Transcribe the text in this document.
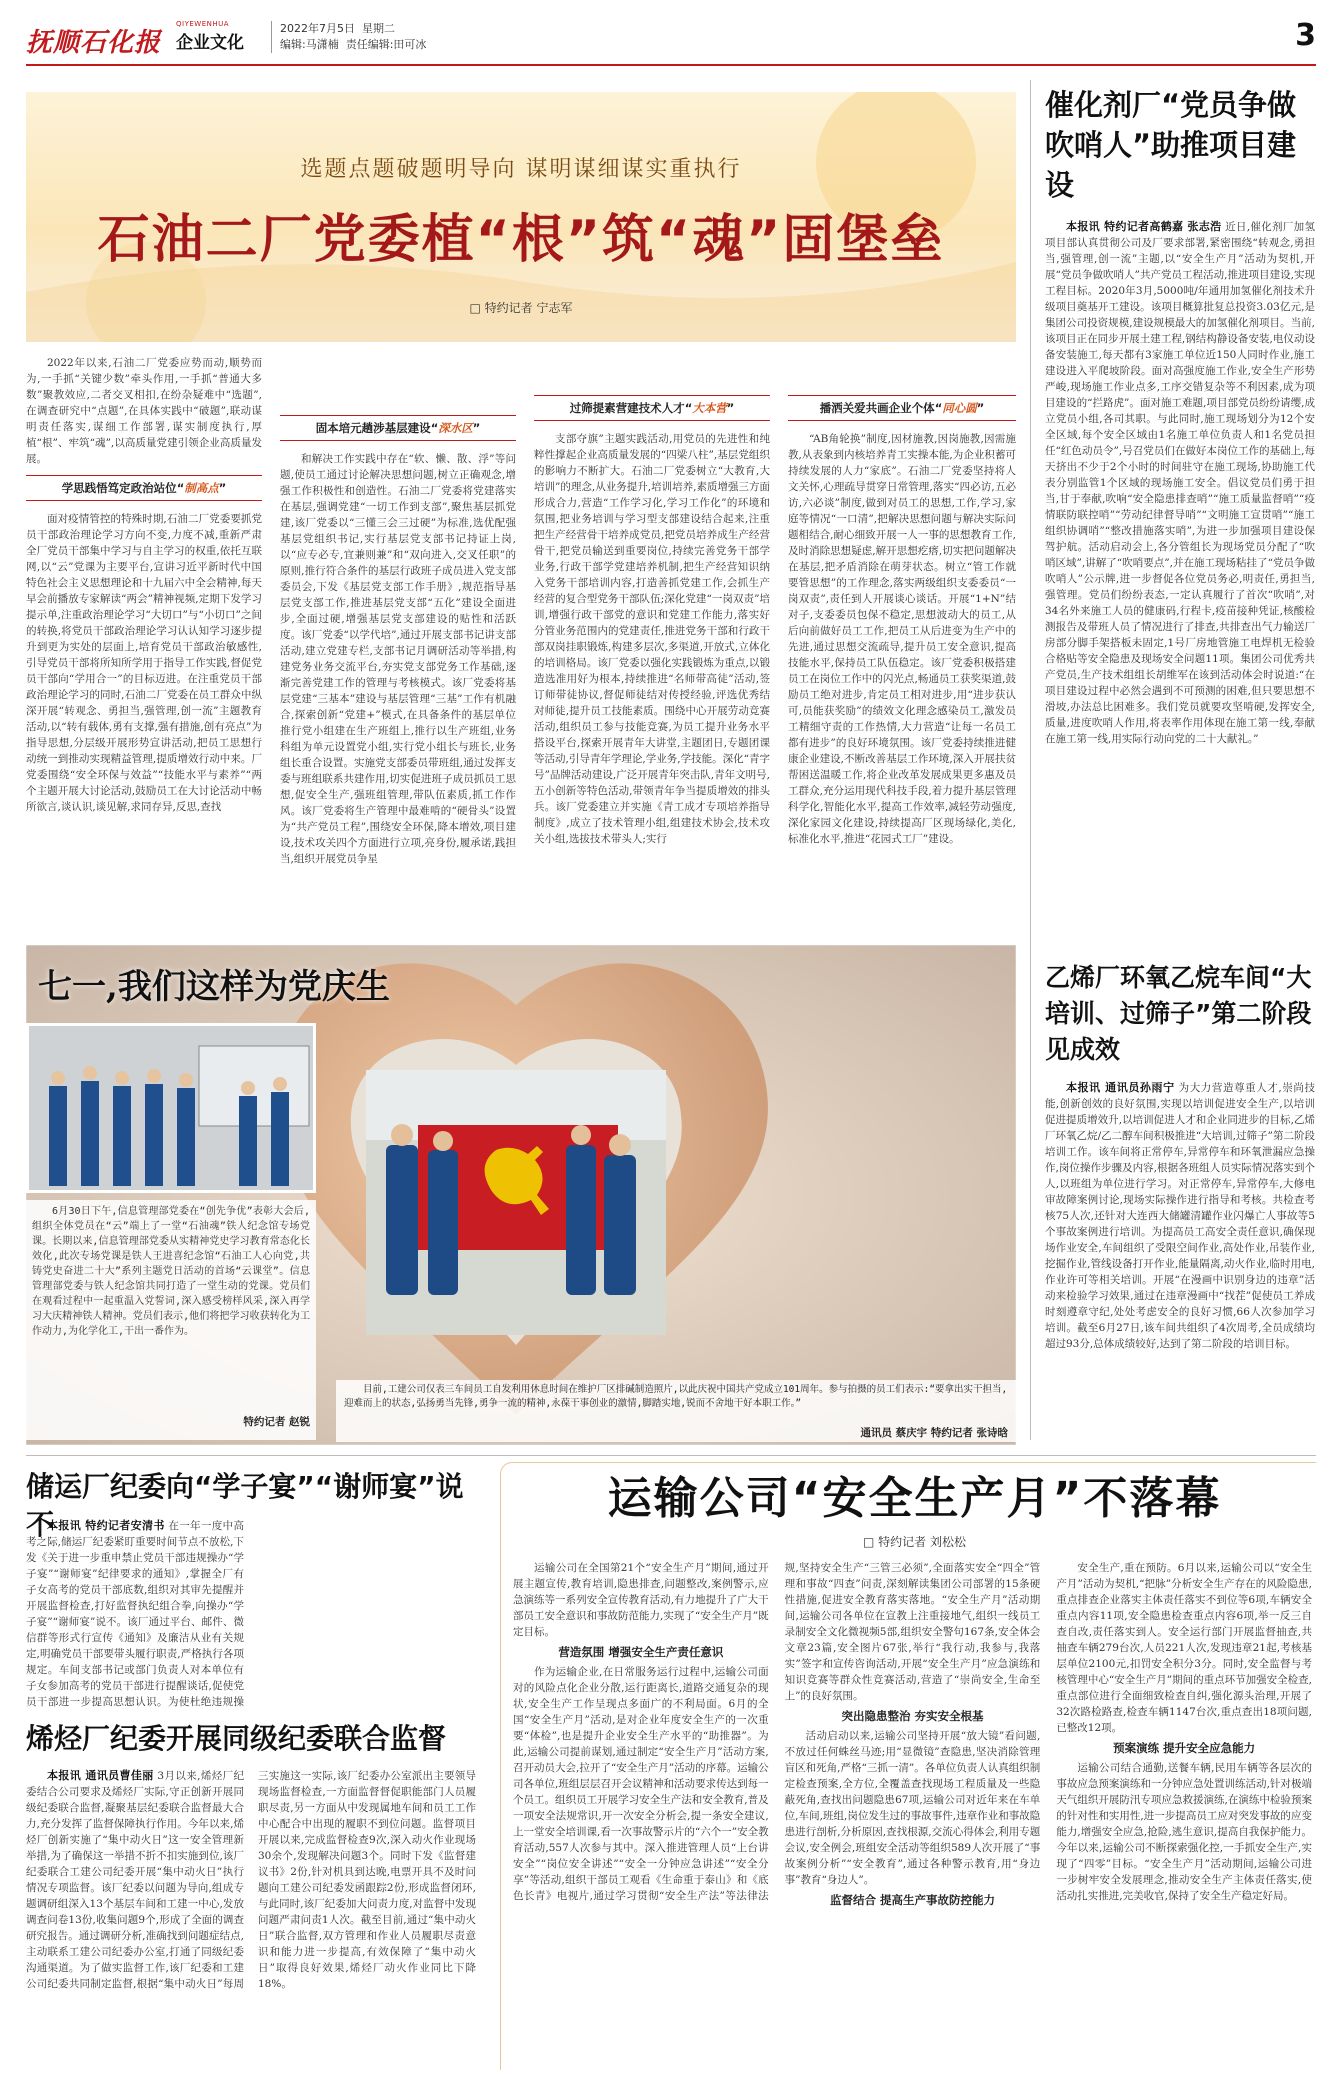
抚顺石化报
QIYEWENHUA
企业文化
2022年7月5日 星期二
编辑:马潇楠 责任编辑:田可冰	3
选题点题破题明导向 谋明谋细谋实重执行
石油二厂党委植“根”筑“魂”固堡垒
□ 特约记者 宁志军
2022年以来,石油二厂党委应势而动,顺势而为,一手抓“关键少数”牵头作用,一手抓“普通大多数”聚教效应,二者交叉相扣,在纷杂疑难中“选题”,在调查研究中“点题”,在具体实践中“破题”,联动谋明责任落实,谋细工作部署,谋实制度执行,厚植“根”、牢筑“魂”,以高质量党建引领企业高质量发展。
学思践悟笃定政治站位“制高点”
面对疫情管控的特殊时期,石油二厂党委要抓党员干部政治理论学习方向不变,力度不减,重新严肃全厂党员干部集中学习与自主学习的权重,依托互联网,以“云”党课为主要平台,宣讲习近平新时代中国特色社会主义思想理论和十九届六中全会精神,每天早会前播放专家解读“两会”精神视频,定期下发学习提示单,注重政治理论学习“大切口”与“小切口”之间的转换,将党员干部政治理论学习认认知学习逐步提升到更为实处的层面上,培育党员干部政治敏感性,引导党员干部将所知所学用于指导工作实践,督促党员干部向“学用合一”的目标迈进。在注重党员干部政治理论学习的同时,石油二厂党委在员工群众中纵深开展“转观念、勇担当,强管理,创一流”主题教育活动,以“转有载体,勇有支撑,强有措施,创有亮点”为指导思想,分层级开展形势宣讲活动,把员工思想行动统一到推动实现精益管理,提质增效行动中来。厂党委围绕“安全环保与效益”“技能水平与素养”“两个主题开展大讨论活动,鼓励员工在大讨论活动中畅所欲言,谈认识,谈见解,求同存异,反思,查找
固本培元趟涉基层建设“深水区”
和解决工作实践中存在“软、懒、散、浮”等问题,使员工通过讨论解决思想问题,树立正确观念,增强工作积极性和创造性。石油二厂党委将党建落实在基层,强调党建“一切工作到支部”,聚焦基层抓党建,该厂党委以“三懂三会三过硬”为标准,选优配强基层党组织书记,实行基层党支部书记持证上岗,以“应专必专,宜兼则兼”和“双向进入,交叉任职”的原则,推行符合条件的基层行政班子成员进入党支部委员会,下发《基层党支部工作手册》,规范指导基层党支部工作,推进基层党支部“五化”建设全面进步,全面过硬,增强基层党支部建设的贴性和活跃度。该厂党委“以学代培”,通过开展支部书记讲支部活动,建立党建专栏,支部书记月调研活动等举措,构建党务业务交流平台,夯实党支部党务工作基础,逐渐完善党建工作的管理与考核模式。该厂党委将基层党建“三基本”建设与基层管理“三基”工作有机融合,探索创新“党建+”模式,在具备条件的基层单位推行党小组建在生产班组上,推行以生产班组,业务科组为单元设置党小组,实行党小组长与班长,业务组长重合设置。实施党支部委员带班组,通过发挥支委与班组联系共建作用,切实促进班子成员抓员工思想,促安全生产,强班组管理,带队伍素质,抓工作作风。该厂党委将生产管理中最难啃的“硬骨头”设置为“共产党员工程”,围绕安全环保,降本增效,项目建设,技术攻关四个方面进行立项,亮身份,履承诺,践担当,组织开展党员争星
过筛提素营建技术人才“大本营”
支部夺旗”主题实践活动,用党员的先进性和纯粹性撑起企业高质量发展的“四梁八柱”,基层党组织的影响力不断扩大。石油二厂党委树立“大教育,大培训”的理念,从业务提升,培训培养,素质增强三方面形成合力,营造“工作学习化,学习工作化”的环境和氛围,把业务培训与学习型支部建设结合起来,注重把生产经营骨干培养成党员,把党员培养成生产经营骨干,把党员输送到重要岗位,持续完善党务干部学业务,行政干部学党建培养机制,把生产经营知识纳入党务干部培训内容,打造善抓党建工作,会抓生产经营的复合型党务干部队伍;深化党建“一岗双责”培训,增强行政干部党的意识和党建工作能力,落实好分管业务范围内的党建责任,推进党务干部和行政干部双岗挂职锻炼,构建多层次,多渠道,开放式,立体化的培训格局。该厂党委以强化实践锻炼为重点,以锻造选准用好为根本,持续推进“名师带高徒”活动,签订师带徒协议,督促师徒结对传授经验,评选优秀结对师徒,提升员工技能素质。围绕中心开展劳动竞赛活动,组织员工参与技能竞赛,为员工提升业务水平搭设平台,探索开展青年大讲堂,主题团日,专题团课等活动,引导青年学理论,学业务,学技能。深化“青字号”品牌活动建设,广泛开展青年突击队,青年文明号,五小创新等特色活动,带领青年争当提质增效的排头兵。该厂党委建立并实施《青工成才专项培养指导制度》,成立了技术管理小组,组建技术协会,技术攻关小组,选拔技术带头人;实行
播洒关爱共画企业个体“同心圆”
“AB角轮换”制度,因材施教,因岗施教,因需施教,从表象到内核培养青工实操本能,为企业积蓄可持续发展的人力“家底”。石油二厂党委坚持将人文关怀,心理疏导贯穿日常管理,落实“四必访,五必访,六必谈”制度,做到对员工的思想,工作,学习,家庭等情况“一口清”,把解决思想问题与解决实际问题相结合,耐心细致开展一人一事的思想教育工作,及时消除思想疑虑,解开思想疙瘩,切实把问题解决在基层,把矛盾消除在萌芽状态。树立“管工作就要管思想”的工作理念,落实两级组织支委委员“一岗双责”,责任到人开展谈心谈话。开展“1+N”结对子,支委委员包保不稳定,思想波动大的员工,从后向前做好员工工作,把员工从后进变为生产中的先进,通过思想交流疏导,提升员工安全意识,提高技能水平,保持员工队伍稳定。该厂党委积极搭建员工在岗位工作中的闪光点,畅通员工获奖渠道,鼓励员工绝对进步,肯定员工相对进步,用“进步获认可,员能获奖励”的绩效文化理念感染员工,激发员工精细守责的工作热情,大力营造“让每一名员工都有进步”的良好环境氛围。该厂党委持续推进健康企业建设,不断改善基层工作环境,深入开展扶贫帮困送温暖工作,将企业改革发展成果更多惠及员工群众,充分运用现代科技手段,着力提升基层管理科学化,智能化水平,提高工作效率,减轻劳动强度,深化家园文化建设,持续提高厂区现场绿化,美化,标准化水平,推进“花园式工厂”建设。
催化剂厂“党员争做吹哨人”助推项目建设
本报讯 特约记者高鹤嘉 张志浩 近日,催化剂厂加氢项目部认真贯彻公司及厂要求部署,紧密围绕“转观念,勇担当,强管理,创一流”主题,以“安全生产月”活动为契机,开展“党员争做吹哨人”共产党员工程活动,推进项目建设,实现工程目标。2020年3月,5000吨/年通用加氢催化剂技术升级项目奠基开工建设。该项目概算批复总投资3.03亿元,是集团公司投资规模,建设规模最大的加氢催化剂项目。当前,该项目正在同步开展土建工程,钢结构静设备安装,电仪动设备安装施工,每天都有3家施工单位近150人同时作业,施工建设进入平爬坡阶段。面对高强度施工作业,安全生产形势严峻,现场施工作业点多,工序交错复杂等不利因素,成为项目建设的“拦路虎”。面对施工难题,项目部党员纷纷请缨,成立党员小组,各司其职。与此同时,施工现场划分为12个安全区域,每个安全区域由1名施工单位负责人和1名党员担任“红色动员令”,号召党员们在做好本岗位工作的基础上,每天挤出不少于2个小时的时间驻守在施工现场,协助施工代表分别监管1个区域的现场施工安全。倡议党员们勇于担当,甘于奉献,吹响“安全隐患排查哨”“施工质量监督哨”“疫情联防联控哨”“劳动纪律督导哨”“文明施工宣贯哨”“施工组织协调哨”“整改措施落实哨”,为进一步加强项目建设保驾护航。活动启动会上,各分管组长为现场党员分配了“吹哨区域”,讲解了“吹哨要点”,并在施工现场粘挂了“党员争做吹哨人”公示牌,进一步督促各位党员务必,明责任,勇担当,强管理。党员们纷纷表态,一定认真履行了首次“吹哨”,对34名外来施工人员的健康码,行程卡,疫苗接种凭证,核酸检测报告及带班人员了情况进行了排查,共排查出气力输送厂房部分脚手架搭板未固定,1号厂房地管施工电焊机无检验合格贴等安全隐患及现场安全问题11项。集团公司优秀共产党员,生产技术组组长胡维军在该到活动体会时说道:“在项目建设过程中必然会遇到不可预测的困难,但只要思想不滑坡,办法总比困难多。我们党员就要攻坚啃硬,发挥安全,质量,进度吹哨人作用,将表率作用体现在施工第一线,奉献在施工第一线,用实际行动向党的二十大献礼。”
乙烯厂环氧乙烷车间“大培训、过筛子”第二阶段见成效
本报讯 通讯员孙雨宁 为大力营造尊重人才,崇尚技能,创新创效的良好氛围,实现以培训促进安全生产,以培训促进提质增效升,以培训促进人才和企业同进步的目标,乙烯厂环氧乙烷/乙二醇车间积极推进“大培训,过筛子”第二阶段培训工作。该车间将正常停车,异常停车和环氧泄漏应急操作,岗位操作步骤及内容,根据各班组人员实际情况落实到个人,以班组为单位进行学习。对正常停车,异常停车,大修电审故障案例讨论,现场实际操作进行指导和考核。共检查考核75人次,还针对大连西大储罐清罐作业闪爆亡人事故等5个事故案例进行培训。为提高员工高安全责任意识,确保现场作业安全,车间组织了受限空间作业,高处作业,吊装作业,挖掘作业,管线设备打开作业,能量隔离,动火作业,临时用电,作业许可等相关培训。开展“在漫画中识别身边的违章”活动来检验学习效果,通过在违章漫画中“找茬”促使员工养成时刻遵章守纪,处处考虑安全的良好习惯,66人次参加学习培训。截至6月27日,该车间共组织了4次周考,全员成绩均超过93分,总体成绩较好,达到了第二阶段的培训目标。
七一,我们这样为党庆生
6月30日下午,信息管理部党委在“创先争优”表彰大会后,组织全体党员在“云”端上了一堂“石油魂”铁人纪念馆专场党课。长期以来,信息管理部党委从实精神党史学习教育常态化长效化,此次专场党课是铁人王进喜纪念馆“石油工人心向党,共铸党史奋进二十大”系列主题党日活动的首场“云课堂”。信息管理部党委与铁人纪念馆共同打造了一堂生动的党课。党员们在观看过程中一起重温入党誓词,深入感受榜样风采,深入再学习大庆精神铁人精神。党员们表示,他们将把学习收获转化为工作动力,为化学化工,干出一番作为。
特约记者 赵锐
目前,工建公司仅表三车间员工自发利用休息时间在维护厂区排碱制造照片,以此庆祝中国共产党成立101周年。参与拍摄的员工们表示:“要拿出实干担当,迎难而上的状态,弘扬勇当先锋,勇争一流的精神,永葆干事创业的激情,脚踏实地,锐而不舍地干好本职工作。”
通讯员 蔡庆宇 特约记者 张诗晗
储运厂纪委向“学子宴”“谢师宴”说不
本报讯 特约记者安清书 在一年一度中高考之际,储运厂纪委紧盯重要时间节点不放松,下发《关于进一步重申禁止党员干部违规操办“学子宴”“谢师宴”纪律要求的通知》,掌握全厂有子女高考的党员干部底数,组织对其审先提醒并开展监督检查,打好监督执纪组合拳,向操办“学子宴”“谢师宴”说不。该厂通过平台、邮件、微信群等形式行宣传《通知》及廉洁从业有关规定,明确党员干部要带头履行职责,严格执行各项规定。车间支部书记或部门负责人对本单位有子女参加高考的党员干部进行提醒谈话,促使党员干部进一步提高思想认识。为使杜绝违规操
烯烃厂纪委开展同级纪委联合监督
本报讯 通讯员曹佳丽 3月以来,烯烃厂纪委结合公司要求及烯烃厂实际,守正创新开展同级纪委联合监督,凝聚基层纪委联合监督最大合力,充分发挥了监督保障执行作用。今年以来,烯烃厂创新实施了“集中动火日”这一安全管理新举措,为了确保这一举措不折不扣实施到位,该厂纪委联合工建公司纪委开展“集中动火日”执行情况专项监督。该厂纪委以问题为导向,组成专题调研组深入13个基层车间和工建一中心,发放调查问卷13份,收集问题9个,形成了全面的调查研究报告。通过调研分析,准确找到问题症结点,主动联系工建公司纪委办公室,打通了同级纪委沟通渠道。为了做实监督工作,该厂纪委和工建公司纪委共同制定监督,根据“集中动火日”每周三实施这一实际,该厂纪委办公室派出主要领导现场监督检查,一方面监督督促职能部门人员履职尽责,另一方面从中发现属地车间和员工工作中心配合中出现的履职不到位问题。监督项目开展以来,完成监督检查9次,深入动火作业现场30余个,发现解决问题3个。同时下发《监督建议书》2份,针对机具到达晚,电票开具不及时问题向工建公司纪委发函跟踪2份,形成监督闭环,与此同时,该厂纪委加大问责力度,对监督中发现问题严肃问责1人次。截至目前,通过“集中动火日”联合监督,双方管理和作业人员履职尽责意识和能力进一步提高,有效保障了“集中动火日”取得良好效果,烯烃厂动火作业同比下降18%。
运输公司“安全生产月”不落幕
□ 特约记者 刘松松

运输公司在全国第21个“安全生产月”期间,通过开展主题宣传,教育培训,隐患排查,问题整改,案例警示,应急演练等一系列安全宣传教育活动,有力地提升了广大干部员工安全意识和事故防范能力,实现了“安全生产月”既定目标。

营造氛围 增强安全生产责任意识

作为运输企业,在日常服务运行过程中,运输公司面对的风险点化企业分散,运行距离长,道路交通复杂的现状,安全生产工作呈现点多面广的不利局面。6月的全国“安全生产月”活动,是对企业年度安全生产的一次重要“体检”,也是提升企业安全生产水平的“助推器”。为此,运输公司提前谋划,通过制定“安全生产月”活动方案,召开动员大会,拉开了“安全生产月”活动的序幕。运输公司各单位,班组层层召开会议精神和活动要求传达到每一个员工。组织员工开展学习安全生产法和安全教育,普及一项安全法规常识,开一次安全分析会,提一条安全建议,上一堂安全培训课,看一次事故警示片的“六个一”安全教育活动,557人次参与其中。深入推进管理人员“上台讲安全”“岗位安全讲述”“安全一分钟应急讲述”“安全分享”等活动,组织干部员工观看《生命重于泰山》和《底色长青》电视片,通过学习贯彻“安全生产法”等法律法规,坚持安全生产“三管三必须”,全面落实安全“四全”管理和事故“四查”问责,深刻解读集团公司部署的15条硬性措施,促进安全教育落实落地。“安全生产月”活动期间,运输公司各单位在宣教上注重接地气,组织一线员工录制安全文化微视频5部,组织安全警句167条,安全体会文章23篇,安全图片67张,举行“我行动,我参与,我落实”签字和宣传咨询活动,开展“安全生产月”应急演练和知识竞赛等群众性竞赛活动,营造了“崇尚安全,生命至上”的良好氛围。

突出隐患整治 夯实安全根基

活动启动以来,运输公司坚持开展“放大镜”看问题,不放过任何蛛丝马迹;用“显微镜”查隐患,坚决消除管理盲区和死角,严格“三抓一清”。各单位负责人认真组织制定检查预案,全方位,全覆盖查找现场工程质量及一些隐蔽死角,查找出问题隐患67项,运输公司对近年来在车单位,车间,班组,岗位发生过的事故事件,违章作业和事故隐患进行剖析,分析原因,查找根源,交流心得体会,利用专题会议,安全例会,班组安全活动等组织589人次开展了“事故案例分析”“安全教育”,通过各种警示教育,用“身边事”教育“身边人”。

监督结合 提高生产事故防控能力

安全生产,重在预防。6月以来,运输公司以“安全生产月”活动为契机,“把脉”分析安全生产存在的风险隐患,重点排查企业落实主体责任落实不到位等6项,车辆安全重点内容11项,安全隐患检查重点内容6项,举一反三自查自改,责任落实到人。安全运行部门开展监督抽查,共抽查车辆279台次,人员221人次,发现违章21起,考核基层单位2100元,扣罚安全积分3分。同时,安全监督与考核管理中心“安全生产月”期间的重点环节加强安全检查,重点部位进行全面细致检查自纠,强化源头治理,开展了32次路检路查,检查车辆1147台次,重点查出18项问题,已整改12项。

预案演练 提升安全应急能力

运输公司结合通勤,送餐车辆,民用车辆等各层次的事故应急预案演练和一分钟应急处置训练活动,针对极端天气组织开展防汛专项应急救援演练,在演练中检验预案的针对性和实用性,进一步提高员工应对突发事故的应变能力,增强安全应急,抢险,逃生意识,提高自我保护能力。今年以来,运输公司不断探索强化控,一手抓安全生产,实现了“四零”目标。“安全生产月”活动期间,运输公司进一步树牢安全发展理念,推动安全生产主体责任落实,使活动扎实推进,完美收官,保持了安全生产稳定好局。
